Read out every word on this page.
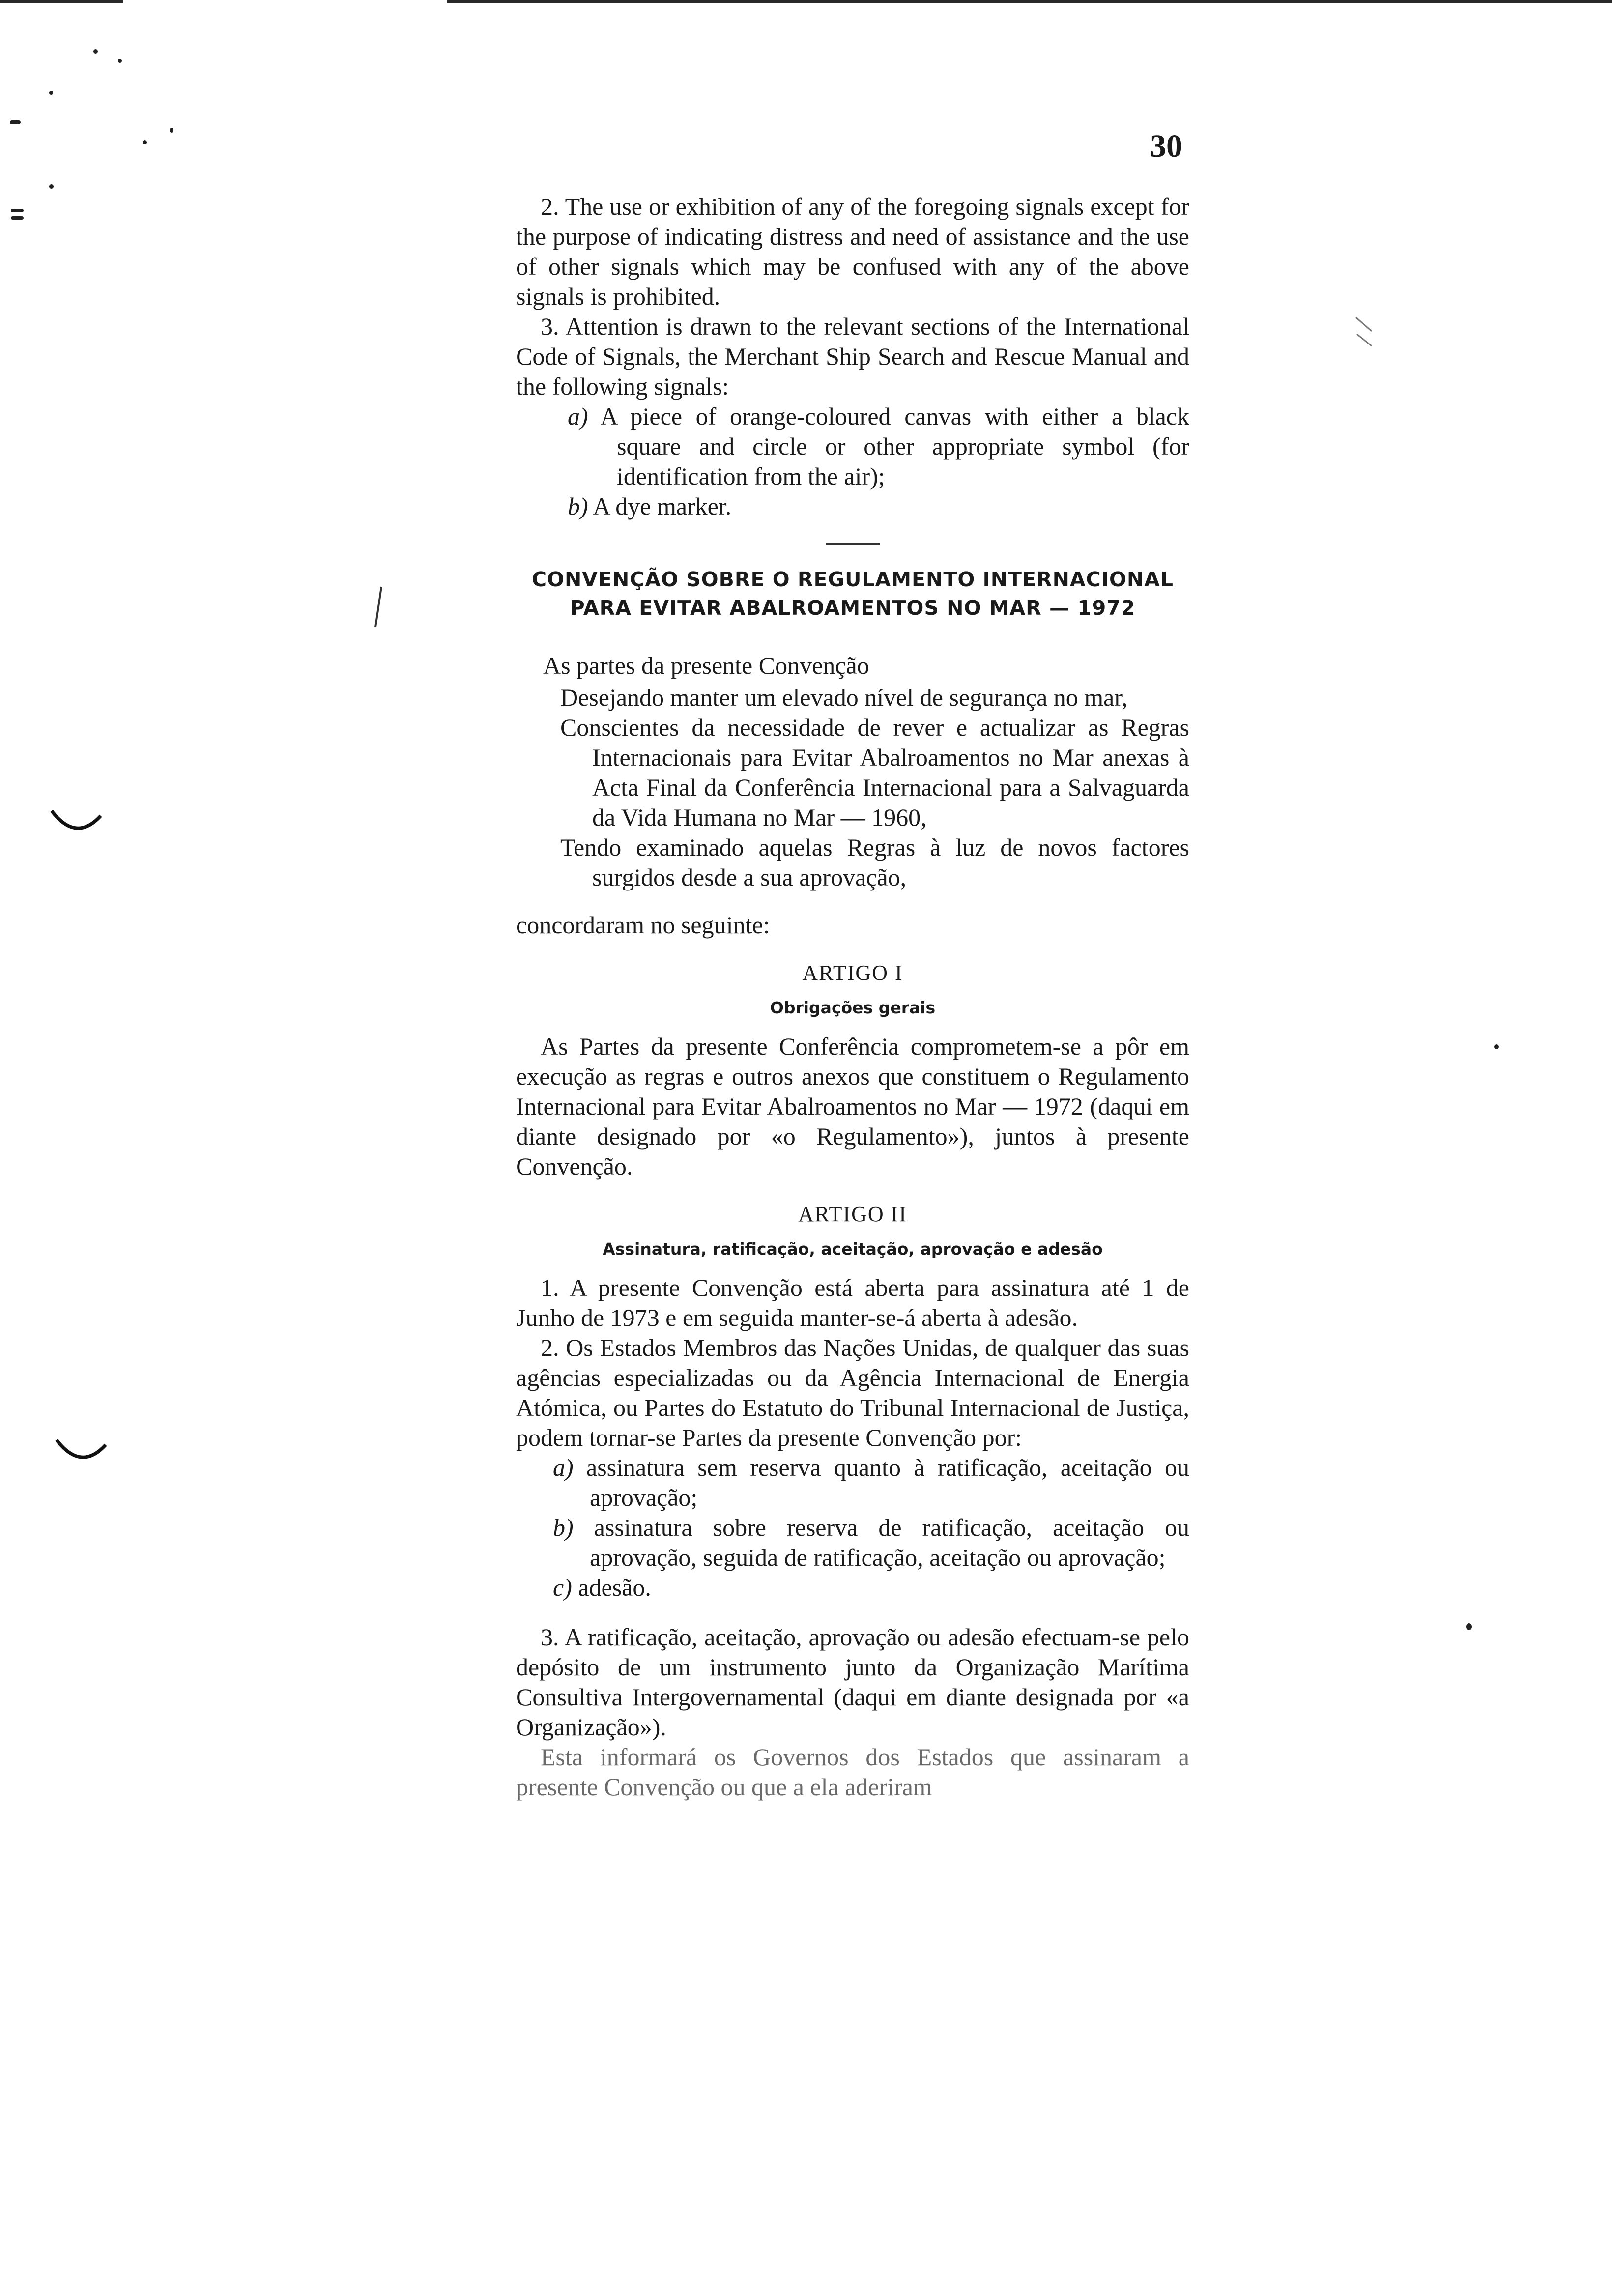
30

2. The use or exhibition of any of the foregoing signals except for the purpose of indicating distress and need of assistance and the use of other signals which may be confused with any of the above signals is prohibited.

3. Attention is drawn to the relevant sections of the International Code of Signals, the Merchant Ship Search and Rescue Manual and the following signals:

a) A piece of orange-coloured canvas with either a black square and circle or other appropriate symbol (for identification from the air);

b) A dye marker.

CONVENÇÃO SOBRE O REGULAMENTO INTERNACIONAL

PARA EVITAR ABALROAMENTOS NO MAR — 1972

As partes da presente Convenção

Desejando manter um elevado nível de segurança no mar,

Conscientes da necessidade de rever e actualizar as Regras Internacionais para Evitar Abalroamentos no Mar anexas à Acta Final da Conferência Internacional para a Salvaguarda da Vida Humana no Mar — 1960,

Tendo examinado aquelas Regras à luz de novos factores surgidos desde a sua aprovação,

concordaram no seguinte:

ARTIGO I

Obrigações gerais

As Partes da presente Conferência comprometem-se a pôr em execução as regras e outros anexos que constituem o Regulamento Internacional para Evitar Abalroamentos no Mar — 1972 (daqui em diante designado por «o Regulamento»), juntos à presente Convenção.

ARTIGO II

Assinatura, ratificação, aceitação, aprovação e adesão

1. A presente Convenção está aberta para assinatura até 1 de Junho de 1973 e em seguida manter-se-á aberta à adesão.

2. Os Estados Membros das Nações Unidas, de qualquer das suas agências especializadas ou da Agência Internacional de Energia Atómica, ou Partes do Estatuto do Tribunal Internacional de Justiça, podem tornar-se Partes da presente Convenção por:

a) assinatura sem reserva quanto à ratificação, aceitação ou aprovação;

b) assinatura sobre reserva de ratificação, aceitação ou aprovação, seguida de ratificação, aceitação ou aprovação;

c) adesão.

3. A ratificação, aceitação, aprovação ou adesão efectuam-se pelo depósito de um instrumento junto da Organização Marítima Consultiva Intergovernamental (daqui em diante designada por «a Organização»).

Esta informará os Governos dos Estados que assinaram a presente Convenção ou que a ela aderiram
